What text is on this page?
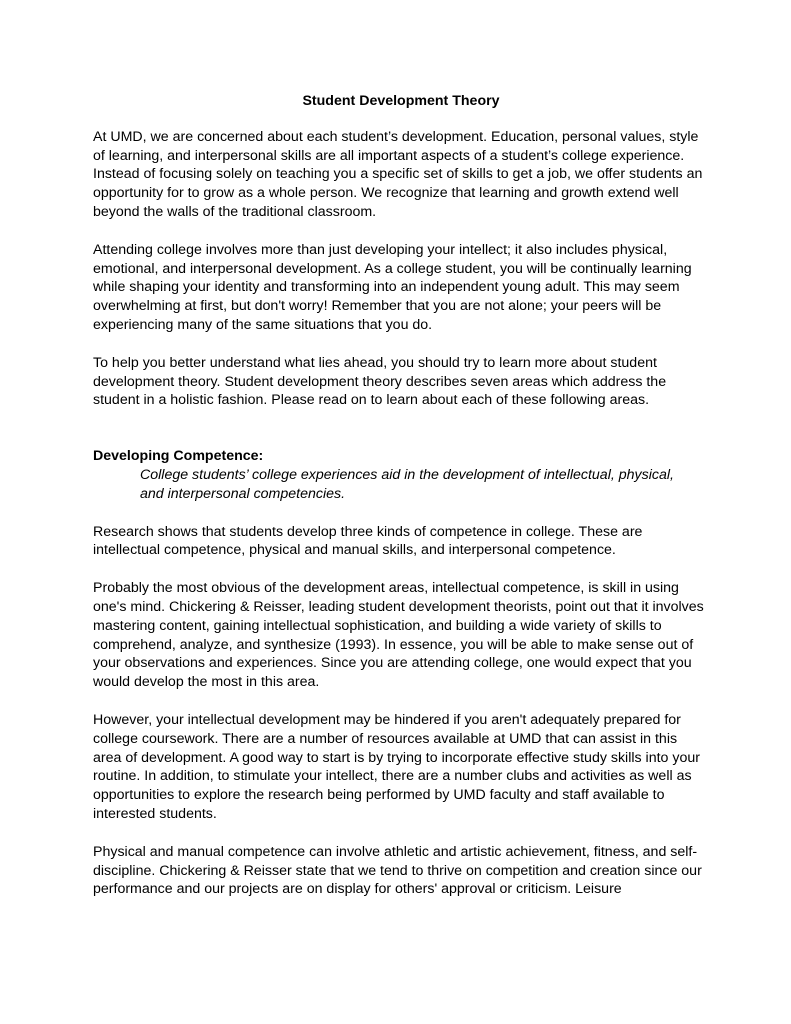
Student Development Theory

At UMD, we are concerned about each student’s development. Education, personal values, style of learning, and interpersonal skills are all important aspects of a student’s college experience. Instead of focusing solely on teaching you a specific set of skills to get a job, we offer students an opportunity for to grow as a whole person. We recognize that learning and growth extend well beyond the walls of the traditional classroom.

Attending college involves more than just developing your intellect; it also includes physical, emotional, and interpersonal development. As a college student, you will be continually learning while shaping your identity and transforming into an independent young adult. This may seem overwhelming at first, but don't worry! Remember that you are not alone; your peers will be experiencing many of the same situations that you do.

To help you better understand what lies ahead, you should try to learn more about student development theory. Student development theory describes seven areas which address the student in a holistic fashion. Please read on to learn about each of these following areas.

Developing Competence:
College students’ college experiences aid in the development of intellectual, physical, and interpersonal competencies.

Research shows that students develop three kinds of competence in college. These are intellectual competence, physical and manual skills, and interpersonal competence.

Probably the most obvious of the development areas, intellectual competence, is skill in using one's mind. Chickering & Reisser, leading student development theorists, point out that it involves mastering content, gaining intellectual sophistication, and building a wide variety of skills to comprehend, analyze, and synthesize (1993). In essence, you will be able to make sense out of your observations and experiences. Since you are attending college, one would expect that you would develop the most in this area.

However, your intellectual development may be hindered if you aren't adequately prepared for college coursework. There are a number of resources available at UMD that can assist in this area of development. A good way to start is by trying to incorporate effective study skills into your routine. In addition, to stimulate your intellect, there are a number clubs and activities as well as opportunities to explore the research being performed by UMD faculty and staff available to interested students.

Physical and manual competence can involve athletic and artistic achievement, fitness, and self-discipline. Chickering & Reisser state that we tend to thrive on competition and creation since our performance and our projects are on display for others' approval or criticism. Leisure
